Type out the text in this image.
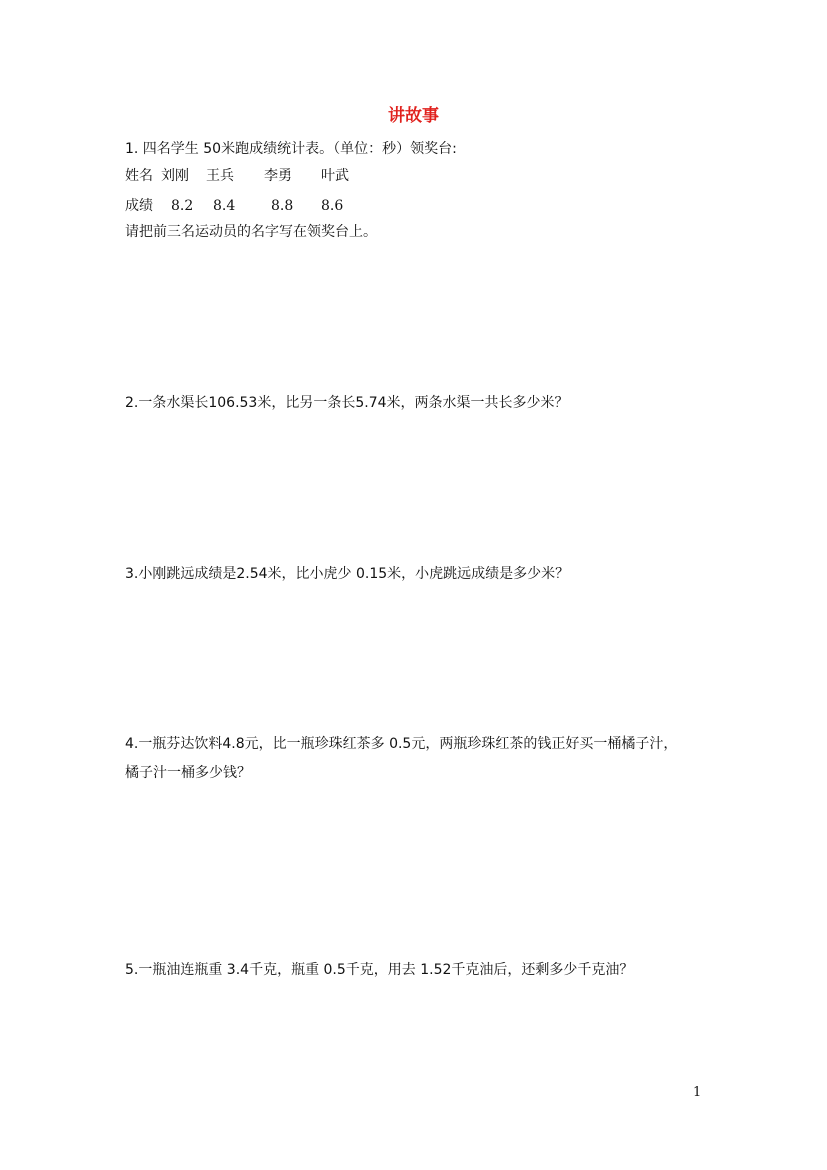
讲故事
1. 四名学生 50米跑成绩统计表。（单位：秒）领奖台:
姓名 刘刚 王兵 李勇 叶武
成绩 8.2 8.4	8.8 8.6
请把前三名运动员的名字写在领奖台上。
2.一条水渠长106.53米，比另一条长5.74米，两条水渠一共长多少米？
3.小刚跳远成绩是2.54米，比小虎少 0.15米，小虎跳远成绩是多少米？
4.一瓶芬达饮料4.8元，比一瓶珍珠红茶多 0.5元，两瓶珍珠红茶的钱正好买一桶橘子汁，
橘子汁一桶多少钱？
5.一瓶油连瓶重 3.4千克，瓶重 0.5千克，用去 1.52千克油后，还剩多少千克油？
1
